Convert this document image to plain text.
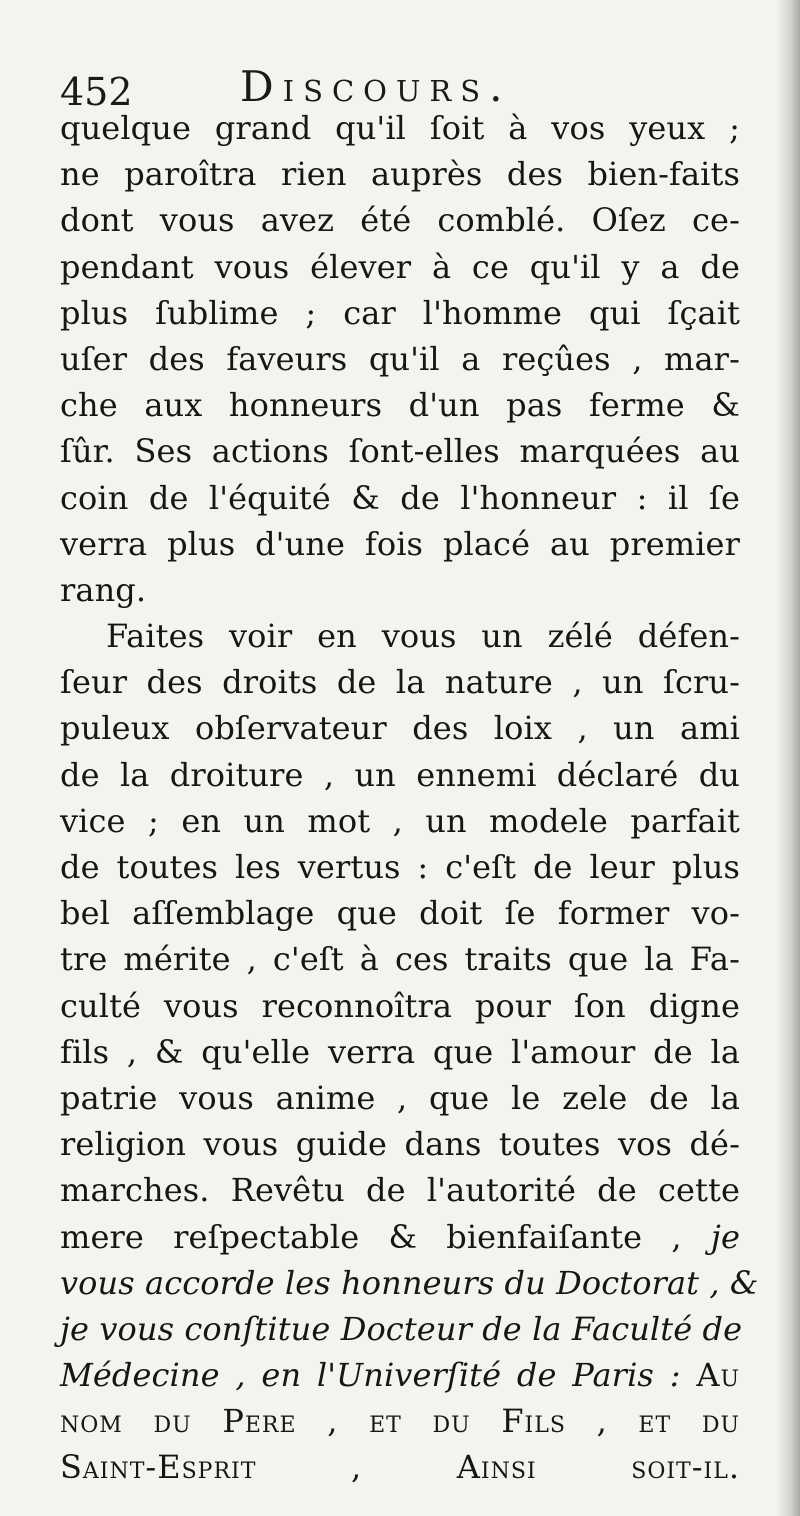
452	Discours.
quelque grand qu'il ſoit à vos yeux ;
ne paroîtra rien auprès des bien-faits
dont vous avez été comblé. Oſez ce-
pendant vous élever à ce qu'il y a de
plus ſublime ; car l'homme qui ſçait
uſer des faveurs qu'il a reçûes , mar-
che aux honneurs d'un pas ferme &
ſûr. Ses actions ſont-elles marquées au
coin de l'équité & de l'honneur : il ſe
verra plus d'une fois placé au premier
rang.
Faites voir en vous un zélé défen-
ſeur des droits de la nature , un ſcru-
puleux obſervateur des loix , un ami
de la droiture , un ennemi déclaré du
vice ; en un mot , un modele parfait
de toutes les vertus : c'eſt de leur plus
bel aſſemblage que doit ſe former vo-
tre mérite , c'eſt à ces traits que la Fa-
culté vous reconnoîtra pour ſon digne
fils , & qu'elle verra que l'amour de la
patrie vous anime , que le zele de la
religion vous guide dans toutes vos dé-
marches. Revêtu de l'autorité de cette
mere reſpectable & bienfaiſante , je
vous accorde les honneurs du Doctorat , &
je vous conſtitue Docteur de la Faculté de
Médecine , en l'Univerſité de Paris : Au
nom du Pere , et du Fils , et du
Saint-Esprit , Ainsi soit-il.
